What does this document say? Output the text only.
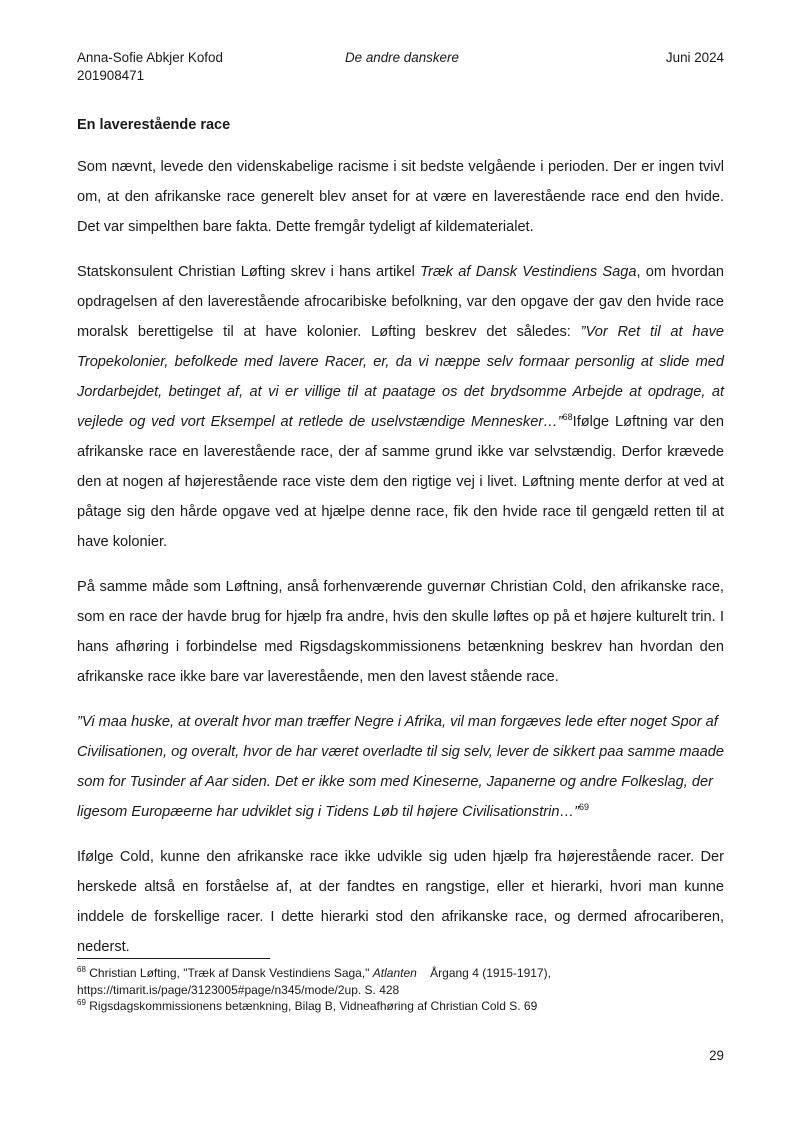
Anna-Sofie Abkjer Kofod
201908471
De andre danskere	Juni 2024
En laverestående race

Som nævnt, levede den videnskabelige racisme i sit bedste velgående i perioden. Der er ingen tvivl om, at den afrikanske race generelt blev anset for at være en laverestående race end den hvide. Det var simpelthen bare fakta. Dette fremgår tydeligt af kildematerialet.

Statskonsulent Christian Løfting skrev i hans artikel Træk af Dansk Vestindiens Saga, om hvordan opdragelsen af den laverestående afrocaribiske befolkning, var den opgave der gav den hvide race moralsk berettigelse til at have kolonier. Løfting beskrev det således: ”Vor Ret til at have Tropekolonier, befolkede med lavere Racer, er, da vi næppe selv formaar personlig at slide med Jordarbejdet, betinget af, at vi er villige til at paatage os det brydsomme Arbejde at opdrage, at vejlede og ved vort Eksempel at retlede de uselvstændige Mennesker…”$^{68}$Ifølge Løftning var den afrikanske race en laverestående race, der af samme grund ikke var selvstændig. Derfor krævede den at nogen af højerestående race viste dem den rigtige vej i livet. Løftning mente derfor at ved at påtage sig den hårde opgave ved at hjælpe denne race, fik den hvide race til gengæld retten til at have kolonier.

På samme måde som Løftning, anså forhenværende guvernør Christian Cold, den afrikanske race, som en race der havde brug for hjælp fra andre, hvis den skulle løftes op på et højere kulturelt trin. I hans afhøring i forbindelse med Rigsdagskommissionens betænkning beskrev han hvordan den afrikanske race ikke bare var laverestående, men den lavest stående race.

”Vi maa huske, at overalt hvor man træffer Negre i Afrika, vil man forgæves lede efter noget Spor af Civilisationen, og overalt, hvor de har været overladte til sig selv, lever de sikkert paa samme maade som for Tusinder af Aar siden. Det er ikke som med Kineserne, Japanerne og andre Folkeslag, der ligesom Europæerne har udviklet sig i Tidens Løb til højere Civilisationstrin…”$^{69}$

Ifølge Cold, kunne den afrikanske race ikke udvikle sig uden hjælp fra højerestående racer. Der herskede altså en forståelse af, at der fandtes en rangstige, eller et hierarki, hvori man kunne inddele de forskellige racer. I dette hierarki stod den afrikanske race, og dermed afrocariberen, nederst.

$^{68}$ Christian Løfting, "Træk af Dansk Vestindiens Saga," Atlanten    Årgang 4 (1915-1917),
https://timarit.is/page/3123005#page/n345/mode/2up. S. 428

$^{69}$ Rigsdagskommissionens betænkning, Bilag B, Vidneafhøring af Christian Cold S. 69

29
